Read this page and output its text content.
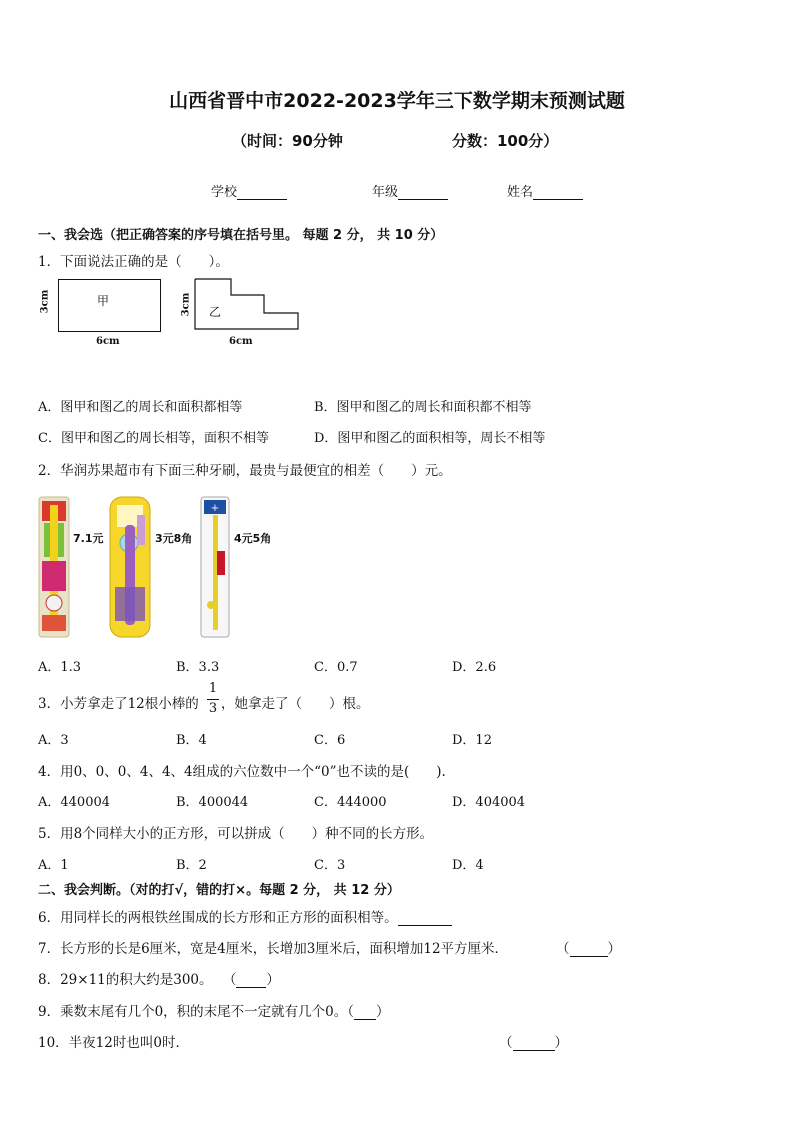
山西省晋中市2022-2023学年三下数学期末预测试题
（时间：90分钟	分数：100分）
学校	年级	姓名
一、我会选（把正确答案的序号填在括号里。 每题 2 分， 共 10 分）
1．下面说法正确的是（　　）。
甲
3cm
6cm
乙
3cm
6cm
A．图甲和图乙的周长和面积都相等	B．图甲和图乙的周长和面积都不相等
C．图甲和图乙的周长相等，面积不相等	D．图甲和图乙的面积相等，周长不相等
2．华润苏果超市有下面三种牙刷，最贵与最便宜的相差（　　）元。
7.1元	3元8角
+
4元5角
A．1.3	B．3.3	C．0.7	D．2.6
3．小芳拿走了12根小棒的
1
3 ，她拿走了（　　）根。
A．3	B．4	C．6	D．12
4．用0、0、0、4、4、4组成的六位数中一个“0”也不读的是(　　).
A．440004	B．400044	C．444000	D．404004
5．用8个同样大小的正方形，可以拼成（　　）种不同的长方形。
A．1	B．2	C．3	D．4
二、我会判断。（对的打√，错的打×。每题 2 分， 共 12 分）
6．用同样长的两根铁丝围成的长方形和正方形的面积相等。
7．长方形的长是6厘米，宽是4厘米，长增加3厘米后，面积增加12平方厘米．	（	）
8．29×11的积大约是300。 （ ）
9．乘数末尾有几个0，积的末尾不一定就有几个0。（ ）
10．半夜12时也叫0时．	（	）
